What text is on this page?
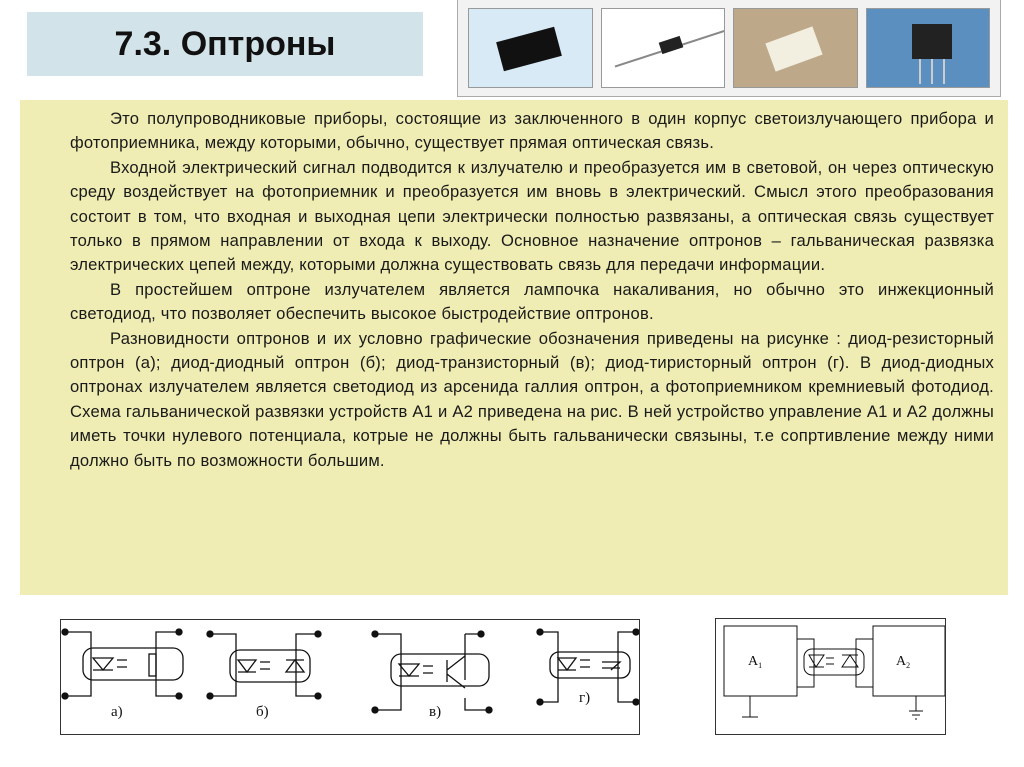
7.3. Оптроны

Это полупроводниковые приборы, состоящие из заключенного в один корпус светоизлучающего прибора и фотоприемника, между которыми, обычно, существует прямая оптическая связь.

Входной электрический сигнал подводится к излучателю и преобразуется им в световой, он через оптическую среду воздействует на фотоприемник и преобразуется им вновь в электрический. Смысл этого преобразования состоит в том, что входная и выходная цепи электрически полностью развязаны, а оптическая связь существует только в прямом направлении от входа к выходу. Основное назначение оптронов – гальваническая развязка электрических цепей между, которыми должна существовать связь для передачи информации.

В простейшем оптроне излучателем является лампочка накаливания, но обычно это инжекционный светодиод, что позволяет обеспечить высокое быстродействие оптронов.

Разновидности оптронов и их условно графические обозначения приведены на рисунке : диод-резисторный оптрон (а); диод-диодный оптрон (б); диод-транзисторный (в); диод-тиристорный оптрон (г). В диод-диодных оптронах излучателем является светодиод из арсенида галлия оптрон, а фотоприемником кремниевый фотодиод. Схема гальванической развязки устройств А1 и А2 приведена на рис. В ней устройство управление А1 и А2 должны иметь точки нулевого потенциала, котрые не должны быть гальванически связыны, т.е сопртивление между ними должно быть по возможности большим.

а)	б)	в)
г)
$A_1$	$A_2$
